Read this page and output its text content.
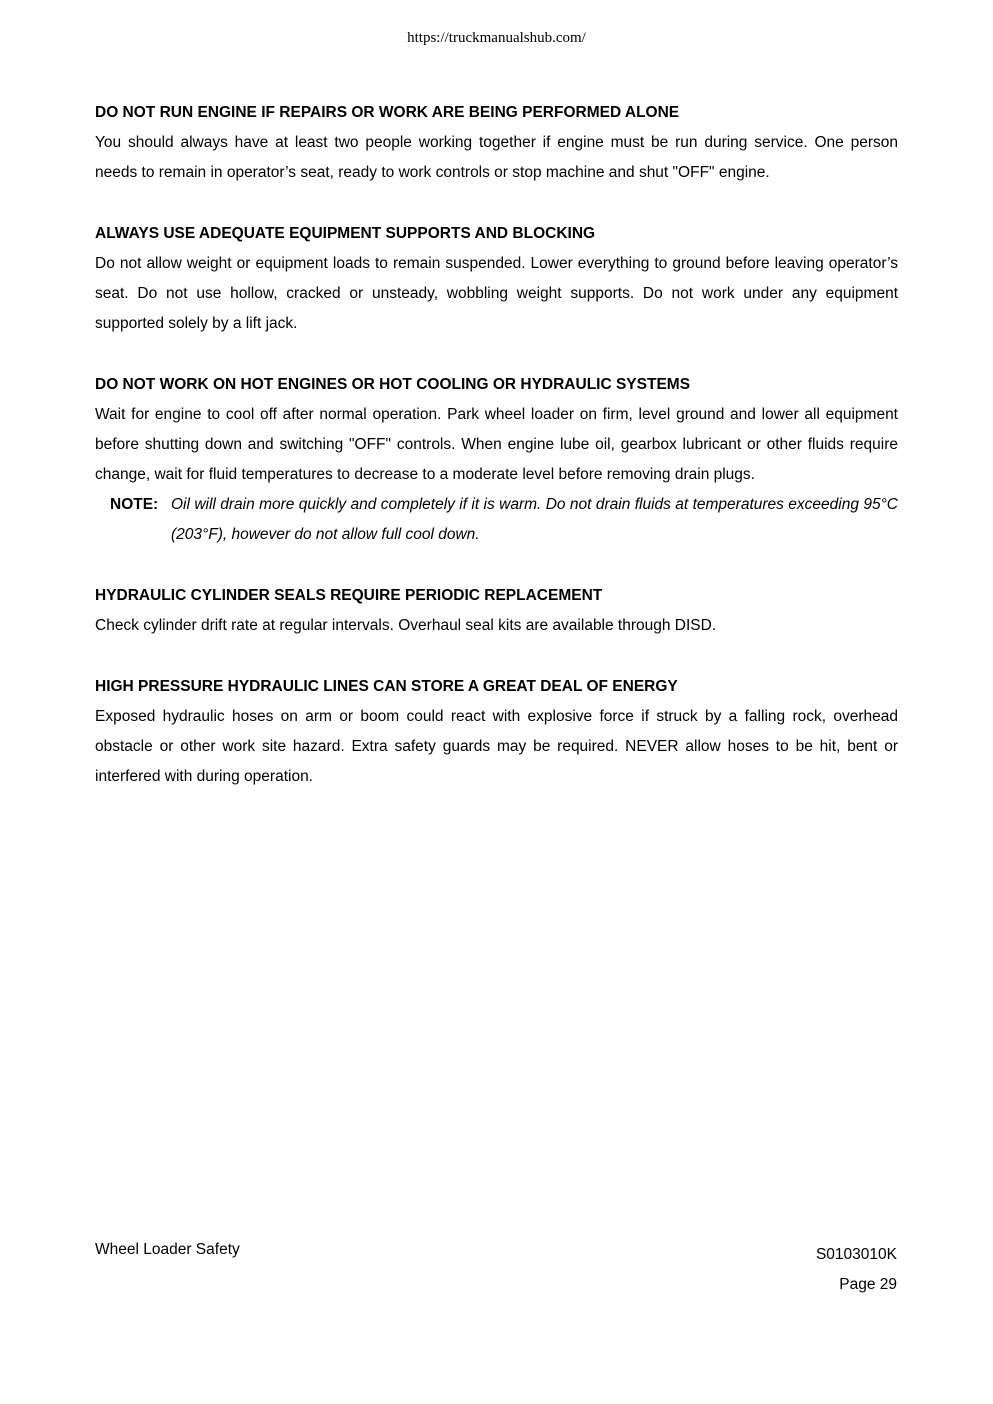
https://truckmanualshub.com/

DO NOT RUN ENGINE IF REPAIRS OR WORK ARE BEING PERFORMED ALONE

You should always have at least two people working together if engine must be run during service. One person needs to remain in operator’s seat, ready to work controls or stop machine and shut "OFF" engine.

ALWAYS USE ADEQUATE EQUIPMENT SUPPORTS AND BLOCKING

Do not allow weight or equipment loads to remain suspended. Lower everything to ground before leaving operator’s seat. Do not use hollow, cracked or unsteady, wobbling weight supports. Do not work under any equipment supported solely by a lift jack.

DO NOT WORK ON HOT ENGINES OR HOT COOLING OR HYDRAULIC SYSTEMS

Wait for engine to cool off after normal operation. Park wheel loader on firm, level ground and lower all equipment before shutting down and switching "OFF" controls. When engine lube oil, gearbox lubricant or other fluids require change, wait for fluid temperatures to decrease to a moderate level before removing drain plugs.

NOTE: Oil will drain more quickly and completely if it is warm. Do not drain fluids at temperatures exceeding 95°C (203°F), however do not allow full cool down.

HYDRAULIC CYLINDER SEALS REQUIRE PERIODIC REPLACEMENT

Check cylinder drift rate at regular intervals. Overhaul seal kits are available through DISD.

HIGH PRESSURE HYDRAULIC LINES CAN STORE A GREAT DEAL OF ENERGY

Exposed hydraulic hoses on arm or boom could react with explosive force if struck by a falling rock, overhead obstacle or other work site hazard. Extra safety guards may be required. NEVER allow hoses to be hit, bent or interfered with during operation.

Wheel Loader Safety	S0103010K
Page 29
